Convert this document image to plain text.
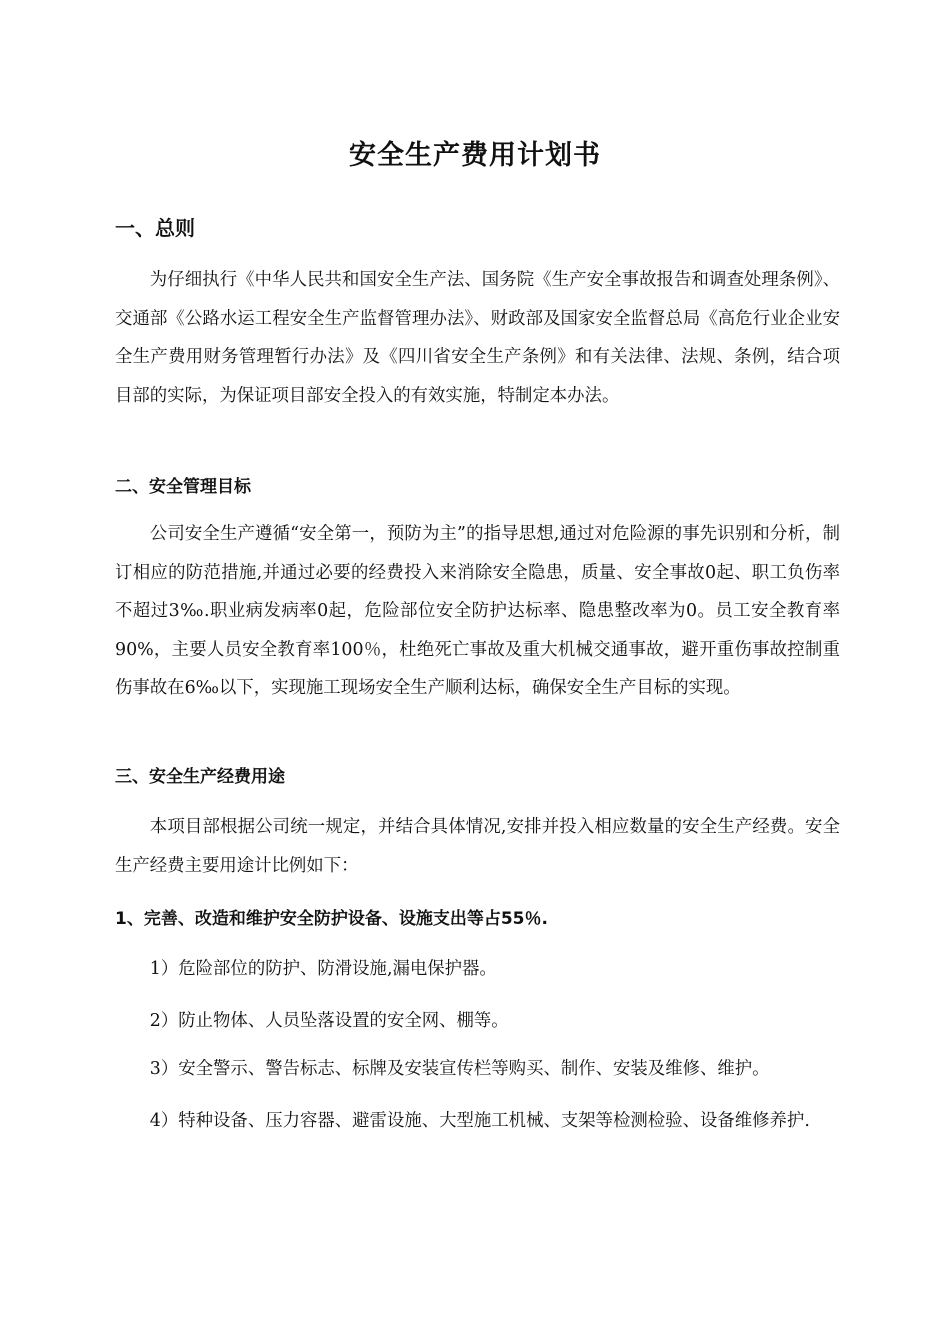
安全生产费用计划书
一、总则
为仔细执行《中华人民共和国安全生产法、国务院《生产安全事故报告和调查处理条例》、交通部《公路水运工程安全生产监督管理办法》、财政部及国家安全监督总局《高危行业企业安全生产费用财务管理暂行办法》及《四川省安全生产条例》和有关法律、法规、条例，结合项目部的实际，为保证项目部安全投入的有效实施，特制定本办法。
二、安全管理目标
公司安全生产遵循“安全第一，预防为主”的指导思想,通过对危险源的事先识别和分析，制订相应的防范措施,并通过必要的经费投入来消除安全隐患，质量、安全事故0起、职工负伤率不超过3‰.职业病发病率0起，危险部位安全防护达标率、隐患整改率为0。员工安全教育率90%，主要人员安全教育率100％，杜绝死亡事故及重大机械交通事故，避开重伤事故控制重伤事故在6‰以下，实现施工现场安全生产顺利达标，确保安全生产目标的实现。
三、安全生产经费用途
本项目部根据公司统一规定，并结合具体情况,安排并投入相应数量的安全生产经费。安全生产经费主要用途计比例如下：
1、完善、改造和维护安全防护设备、设施支出等占55％.
1）危险部位的防护、防滑设施,漏电保护器。
2）防止物体、人员坠落设置的安全网、棚等。
3）安全警示、警告标志、标牌及安装宣传栏等购买、制作、安装及维修、维护。
4）特种设备、压力容器、避雷设施、大型施工机械、支架等检测检验、设备维修养护.
